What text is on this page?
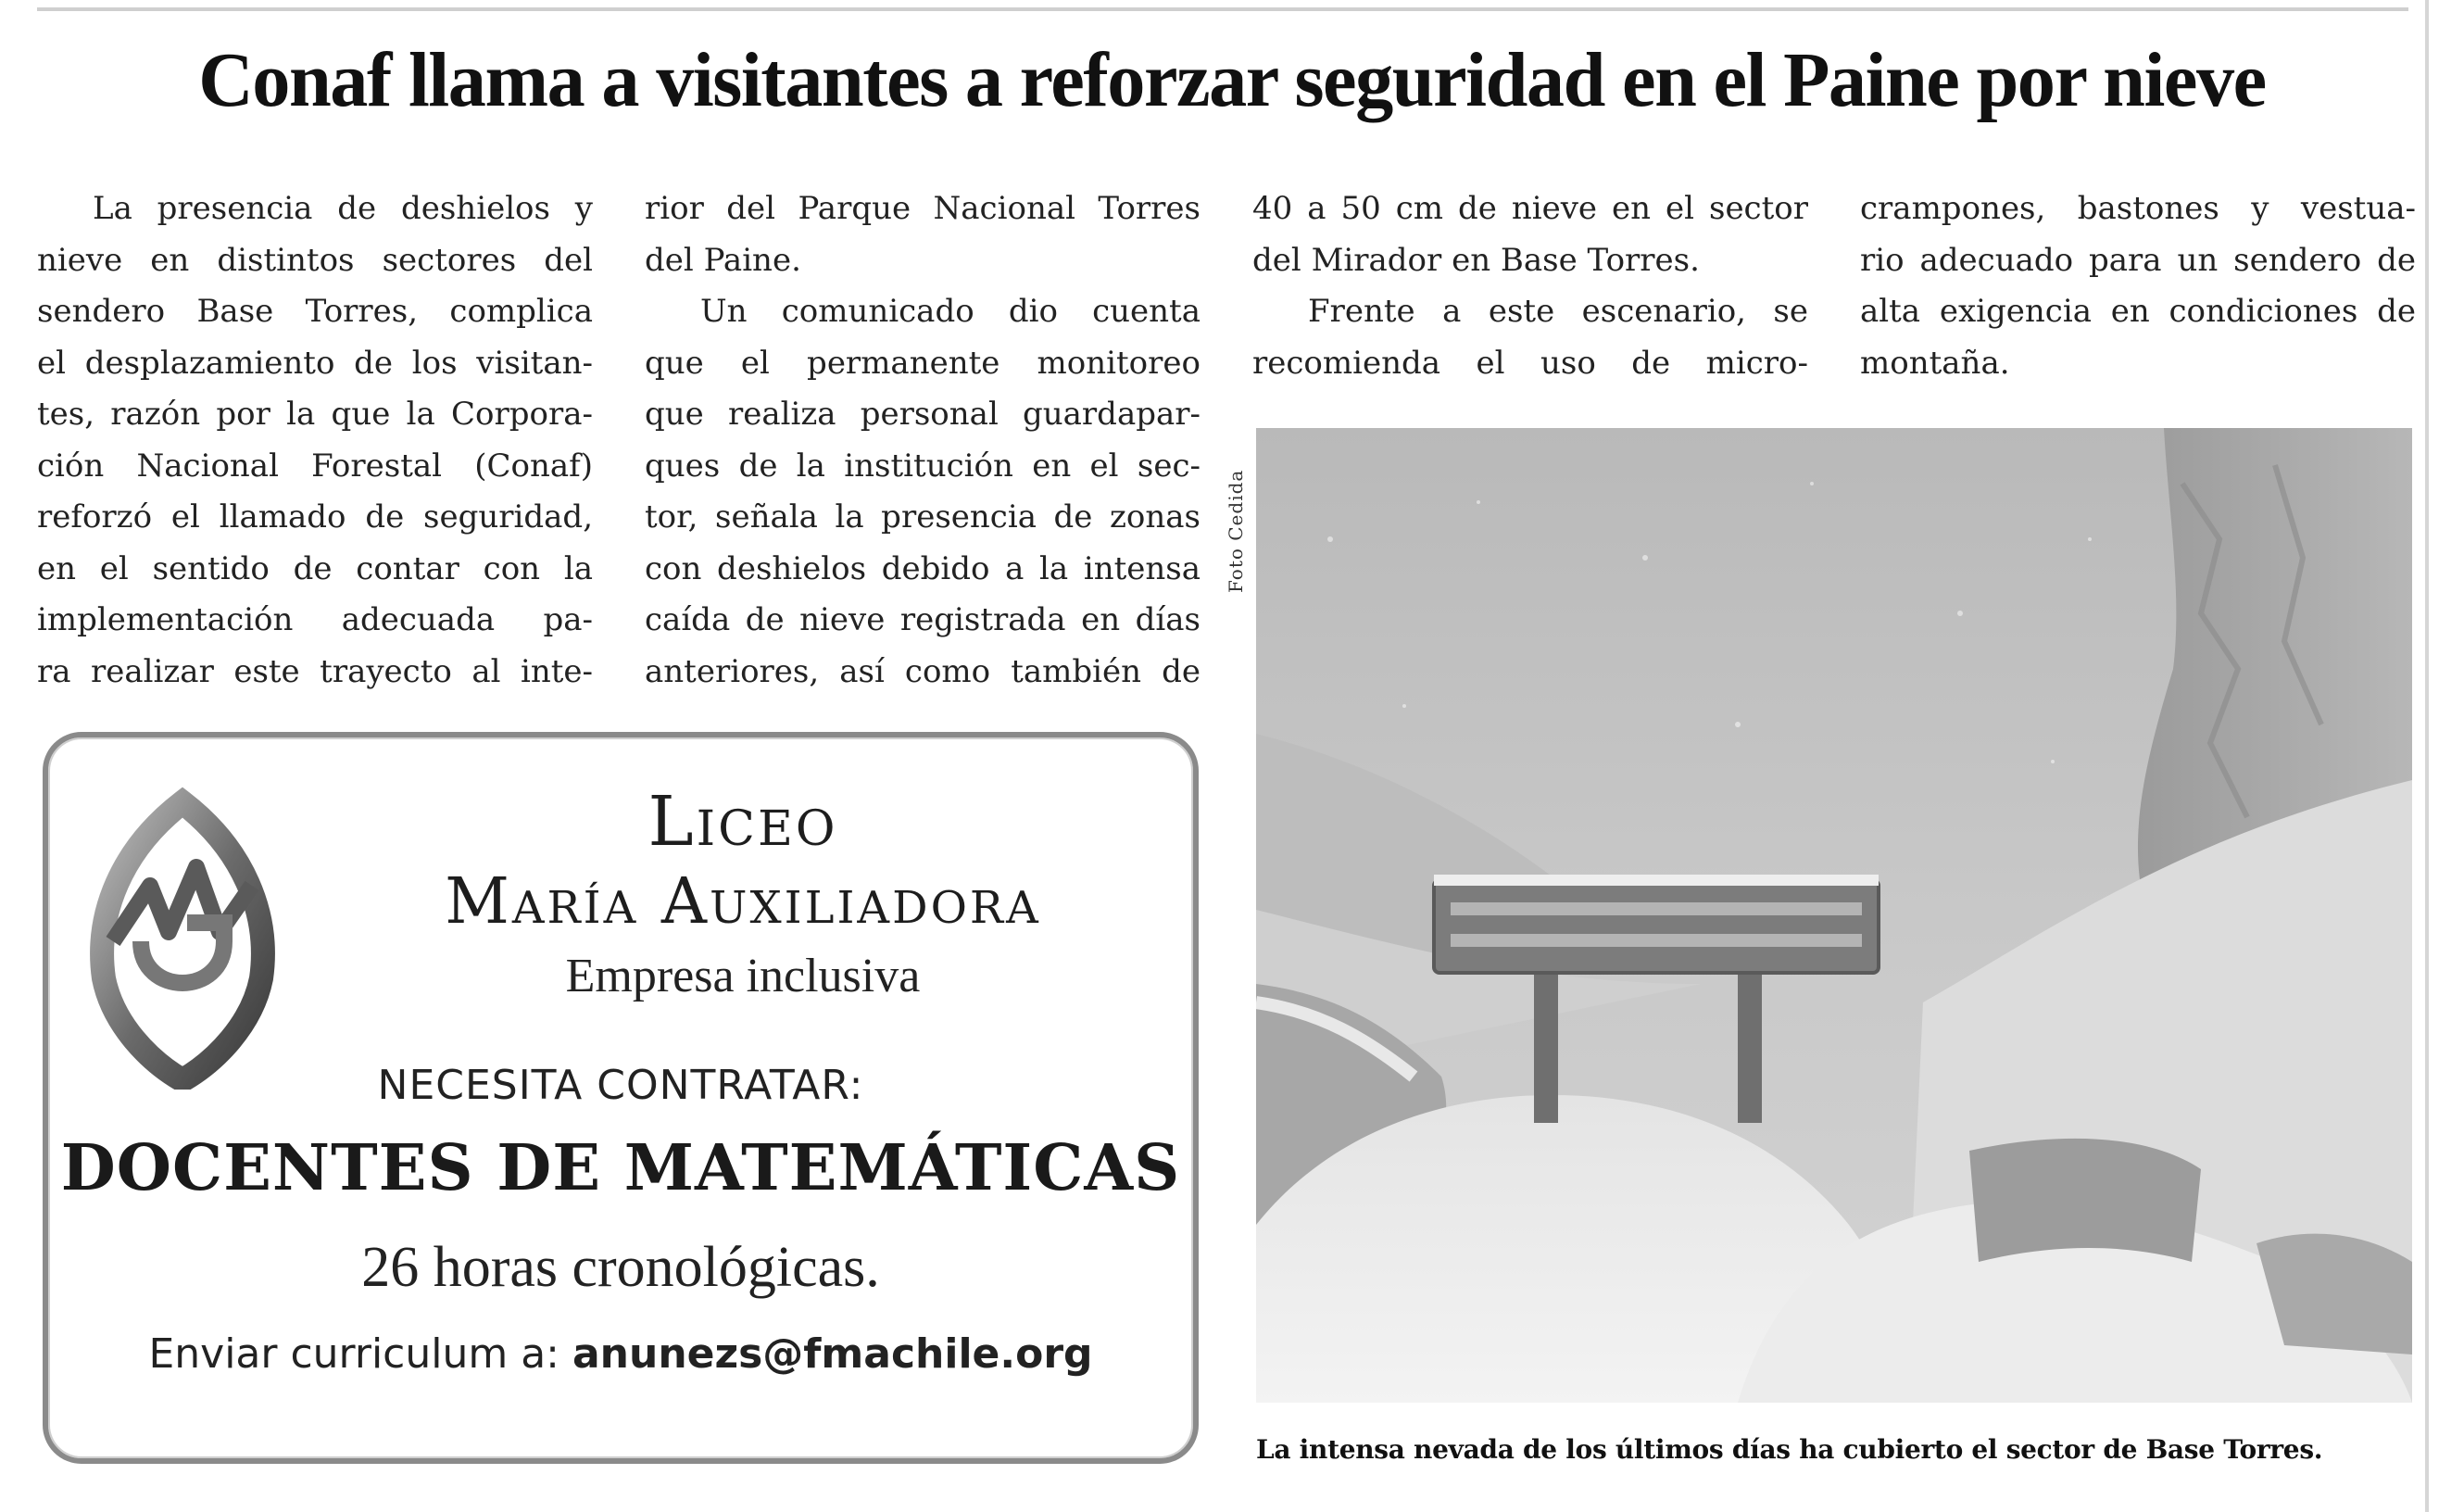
Conaf llama a visitantes a reforzar seguridad en el Paine por nieve

La presencia de deshielos y
nieve en distintos sectores del
sendero Base Torres, complica
el desplazamiento de los visitan-
tes, razón por la que la Corpora-
ción Nacional Forestal (Conaf)
reforzó el llamado de seguridad,
en el sentido de contar con la
implementación adecuada pa-
ra realizar este trayecto al inte-

rior del Parque Nacional Torres
del Paine.

Un comunicado dio cuenta
que el permanente monitoreo
que realiza personal guardapar-
ques de la institución en el sec-
tor, señala la presencia de zonas
con deshielos debido a la intensa
caída de nieve registrada en días
anteriores, así como también de

40 a 50 cm de nieve en el sector
del Mirador en Base Torres.

Frente a este escenario, se
recomienda el uso de micro-

crampones, bastones y vestua-
rio adecuado para un sendero de
alta exigencia en condiciones de
montaña.

Foto Cedida
La intensa nevada de los últimos días ha cubierto el sector de Base Torres.
Liceo
María Auxiliadora
Empresa inclusiva
NECESITA CONTRATAR:
DOCENTES DE MATEMÁTICAS
26 horas cronológicas.
Enviar curriculum a: anunezs@fmachile.org
